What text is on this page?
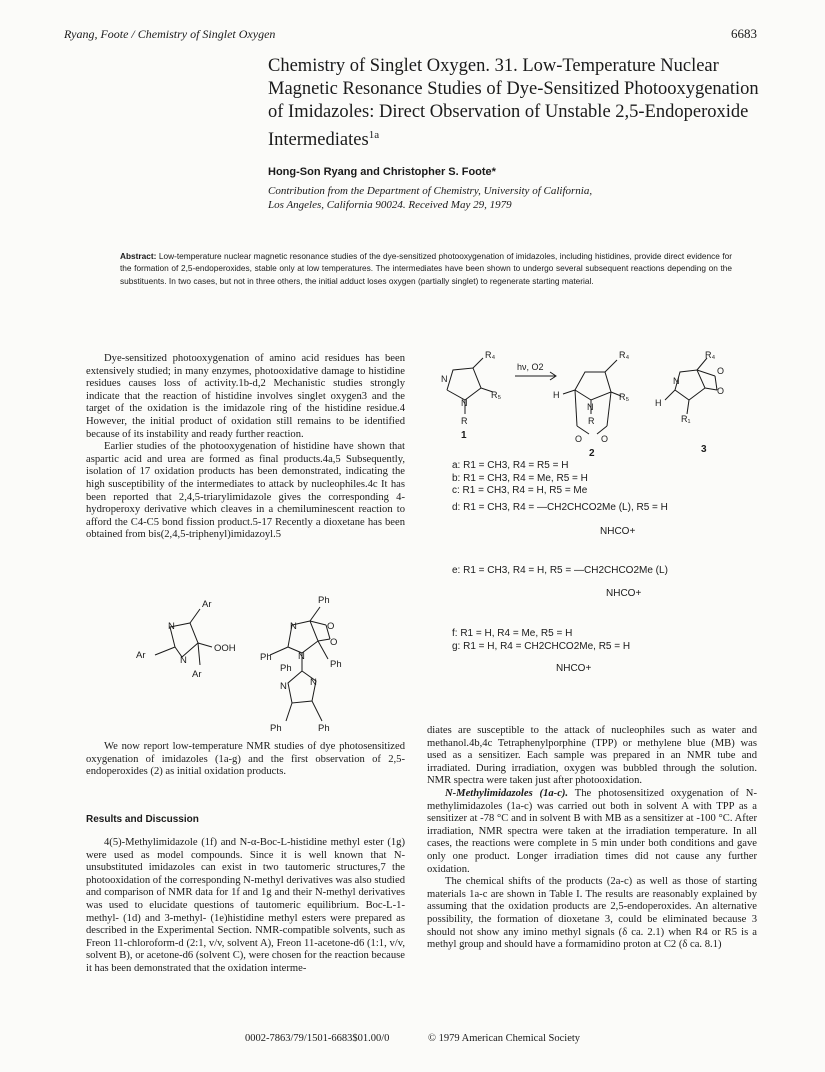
Ryang, Foote / Chemistry of Singlet Oxygen	6683
Chemistry of Singlet Oxygen. 31. Low-Temperature Nuclear Magnetic Resonance Studies of Dye-Sensitized Photooxygenation of Imidazoles: Direct Observation of Unstable 2,5-Endoperoxide Intermediates$^{1a}$
Hong-Son Ryang and Christopher S. Foote*
Contribution from the Department of Chemistry, University of California,
Los Angeles, California 90024. Received May 29, 1979
Abstract: Low-temperature nuclear magnetic resonance studies of the dye-sensitized photooxygenation of imidazoles, including histidines, provide direct evidence for the formation of 2,5-endoperoxides, stable only at low temperatures. The intermediates have been shown to undergo several subsequent reactions depending on the substituents. In two cases, but not in three others, the initial adduct loses oxygen (partially singlet) to regenerate starting material.

Dye-sensitized photooxygenation of amino acid residues has been extensively studied; in many enzymes, photooxidative damage to histidine residues causes loss of activity.1b-d,2 Mechanistic studies strongly indicate that the reaction of histidine involves singlet oxygen3 and the target of the oxidation is the imidazole ring of the histidine residue.4 However, the initial product of oxidation still remains to be identified because of its instability and ready further reaction.

Earlier studies of the photooxygenation of histidine have shown that aspartic acid and urea are formed as final products.4a,5 Subsequently, isolation of 17 oxidation products has been demonstrated, indicating the high susceptibility of the intermediates to attack by nucleophiles.4c It has been reported that 2,4,5-triarylimidazole gives the corresponding 4-hydroperoxy derivative which cleaves in a chemiluminescent reaction to afford the C4-C5 bond fission product.5-17 Recently a dioxetane has been obtained from bis(2,4,5-triphenyl)imidazoyl.5

Ar
OOH
Ar
Ar
N
N
Ph
O
O
Ph
Ph
Ph
Ph	Ph
N
N
N N

We now report low-temperature NMR studies of dye photosensitized oxygenation of imidazoles (1a-g) and the first observation of 2,5-endoperoxides (2) as initial oxidation products.

Results and Discussion

4(5)-Methylimidazole (1f) and N-α-Boc-L-histidine methyl ester (1g) were used as model compounds. Since it is well known that N-unsubstituted imidazoles can exist in two tautomeric structures,7 the photooxidation of the corresponding N-methyl derivatives was also studied and comparison of NMR data for 1f and 1g and their N-methyl derivatives was used to elucidate questions of tautomeric equilibrium. Boc-L-1-methyl- (1d) and 3-methyl- (1e)histidine methyl esters were prepared as described in the Experimental Section. NMR-compatible solvents, such as Freon 11-chloroform-d (2:1, v/v, solvent A), Freon 11-acetone-d6 (1:1, v/v, solvent B), or acetone-d6 (solvent C), were chosen for the reaction because it has been demonstrated that the oxidation interme-

R₄
R₅
N
N
R
hν, O2
R₄
R₅
H
N
R
O O
R₄
O
O
N
H
R₁
1
2	3
a: R1 = CH3, R4 = R5 = H
b: R1 = CH3, R4 = Me, R5 = H
c: R1 = CH3, R4 = H, R5 = Me
d: R1 = CH3, R4 = —CH2CHCO2Me (L), R5 = H
NHCO+
e: R1 = CH3, R4 = H, R5 = —CH2CHCO2Me (L)
NHCO+
f: R1 = H, R4 = Me, R5 = H
g: R1 = H, R4 = CH2CHCO2Me, R5 = H
NHCO+

diates are susceptible to the attack of nucleophiles such as water and methanol.4b,4c Tetraphenylporphine (TPP) or methylene blue (MB) was used as a sensitizer. Each sample was prepared in an NMR tube and irradiated. During irradiation, oxygen was bubbled through the solution. NMR spectra were taken just after photooxidation.

N-Methylimidazoles (1a-c). The photosensitized oxygenation of N-methylimidazoles (1a-c) was carried out both in solvent A with TPP as a sensitizer at -78 °C and in solvent B with MB as a sensitizer at -100 °C. After irradiation, NMR spectra were taken at the irradiation temperature. In all cases, the reactions were complete in 5 min under both conditions and gave only one product. Longer irradiation times did not cause any further oxidation.

The chemical shifts of the products (2a-c) as well as those of starting materials 1a-c are shown in Table I. The results are reasonably explained by assuming that the oxidation products are 2,5-endoperoxides. An alternative possibility, the formation of dioxetane 3, could be eliminated because 3 should not show any imino methyl signals (δ ca. 2.1) when R4 or R5 is a methyl group and should have a formamidino proton at C2 (δ ca. 8.1)

0002-7863/79/1501-6683$01.00/0	© 1979 American Chemical Society
